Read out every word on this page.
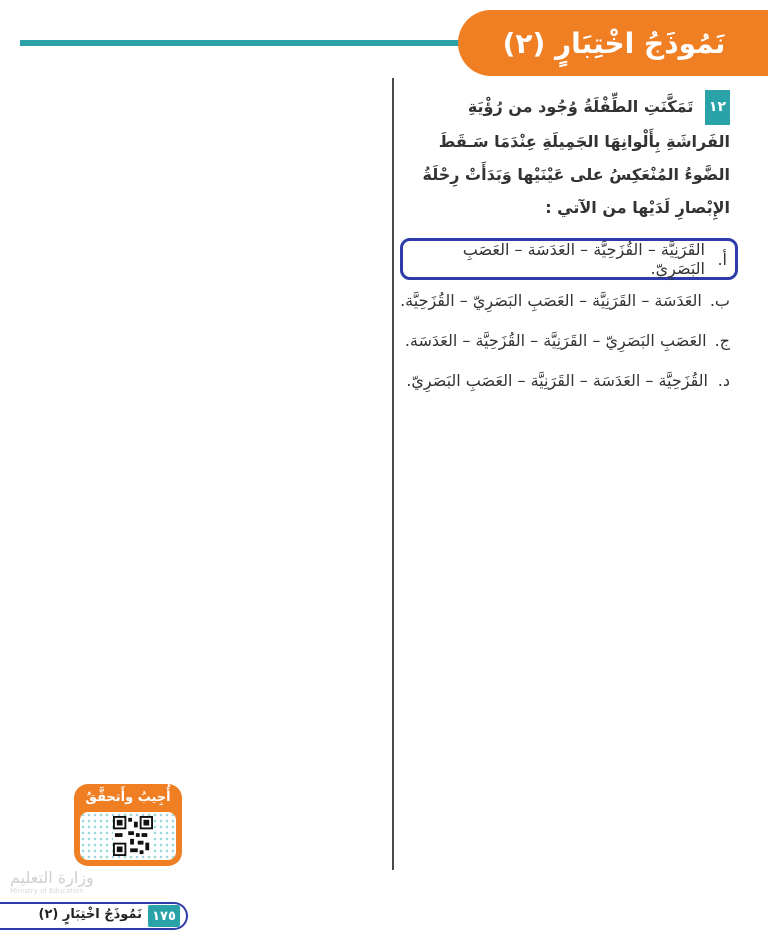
نَمُوذَجُ اخْتِبَارٍ (٢)
١٢ تَمَكَّنَتِ الطِّفْلَةُ وُجُود من رُؤْيَةِ الفَراشَةِ بِأَلْوانِهَا الجَمِيلَةِ عِنْدَمَا سَـقَطَ الضَّوءُ المُنْعَكِسُ على عَيْنَيْها وَبَدَأَتْ رِحْلَةُ الإِبْصارِ لَدَيْها من الآتي :
أ.
القَرَنِيَّة – القُزَحِيَّة – العَدَسَة – العَصَبِ البَصَرِيّ.
ب.
العَدَسَة – القَرَنِيَّة – العَصَبِ البَصَرِيّ – القُزَحِيَّة.
ج.
العَصَبِ البَصَرِيّ – القَرَنِيَّة – القُزَحِيَّة – العَدَسَة.
د.
القُزَحِيَّة – العَدَسَة – القَرَنِيَّة – العَصَبِ البَصَرِيّ.
أُجِيبُ وأَتحقَّقُ
وزارة التعليم
Ministry of Education
١٧٥
نَمُوذَجُ اخْتِبَارٍ (٢)
